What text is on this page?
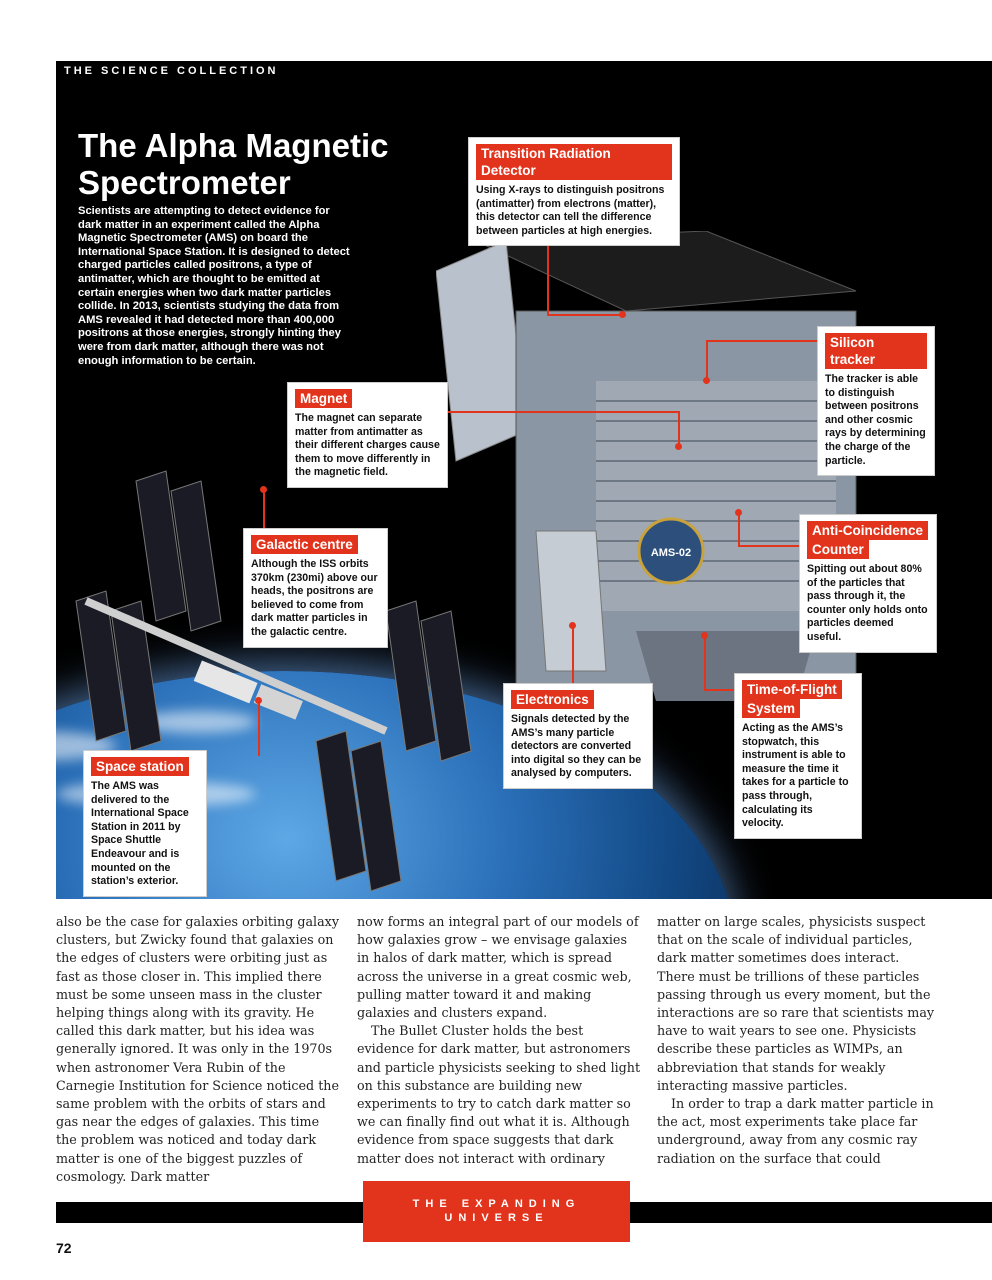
THE SCIENCE COLLECTION
AMS-02
The Alpha Magnetic Spectrometer
Scientists are attempting to detect evidence for dark matter in an experiment called the Alpha Magnetic Spectrometer (AMS) on board the International Space Station. It is designed to detect charged particles called positrons, a type of antimatter, which are thought to be emitted at certain energies when two dark matter particles collide. In 2013, scientists studying the data from AMS revealed it had detected more than 400,000 positrons at those energies, strongly hinting they were from dark matter, although there was not enough information to be certain.
Transition Radiation Detector
Using X-rays to distinguish positrons (antimatter) from electrons (matter), this detector can tell the difference between particles at high energies.
Silicon tracker
The tracker is able to distinguish between positrons and other cosmic rays by determining the charge of the particle.
Magnet
The magnet can separate matter from antimatter as their different charges cause them to move differently in the magnetic field.
Galactic centre
Although the ISS orbits 370km (230mi) above our heads, the positrons are believed to come from dark matter particles in the galactic centre.
Anti-Coincidence
Counter
Spitting out about 80% of the particles that pass through it, the counter only holds onto particles deemed useful.
Electronics
Signals detected by the AMS’s many particle detectors are converted into digital so they can be analysed by computers.
Time-of-Flight
System
Acting as the AMS’s stopwatch, this instrument is able to measure the time it takes for a particle to pass through, calculating its velocity.
Space station
The AMS was delivered to the International Space Station in 2011 by Space Shuttle Endeavour and is mounted on the station’s exterior.

also be the case for galaxies orbiting galaxy clusters, but Zwicky found that galaxies on the edges of clusters were orbiting just as fast as those closer in. This implied there must be some unseen mass in the cluster helping things along with its gravity. He called this dark matter, but his idea was generally ignored. It was only in the 1970s when astronomer Vera Rubin of the Carnegie Institution for Science noticed the same problem with the orbits of stars and gas near the edges of galaxies. This time the problem was noticed and today dark matter is one of the biggest puzzles of cosmology. Dark matter

now forms an integral part of our models of how galaxies grow – we envisage galaxies in halos of dark matter, which is spread across the universe in a great cosmic web, pulling matter toward it and making galaxies and clusters expand.

The Bullet Cluster holds the best evidence for dark matter, but astronomers and particle physicists seeking to shed light on this substance are building new experiments to try to catch dark matter so we can finally find out what it is. Although evidence from space suggests that dark matter does not interact with ordinary

matter on large scales, physicists suspect that on the scale of individual particles, dark matter sometimes does interact. There must be trillions of these particles passing through us every moment, but the interactions are so rare that scientists may have to wait years to see one. Physicists describe these particles as WIMPs, an abbreviation that stands for weakly interacting massive particles.

In order to trap a dark matter particle in the act, most experiments take place far underground, away from any cosmic ray radiation on the surface that could

THE EXPANDING
UNIVERSE
72
